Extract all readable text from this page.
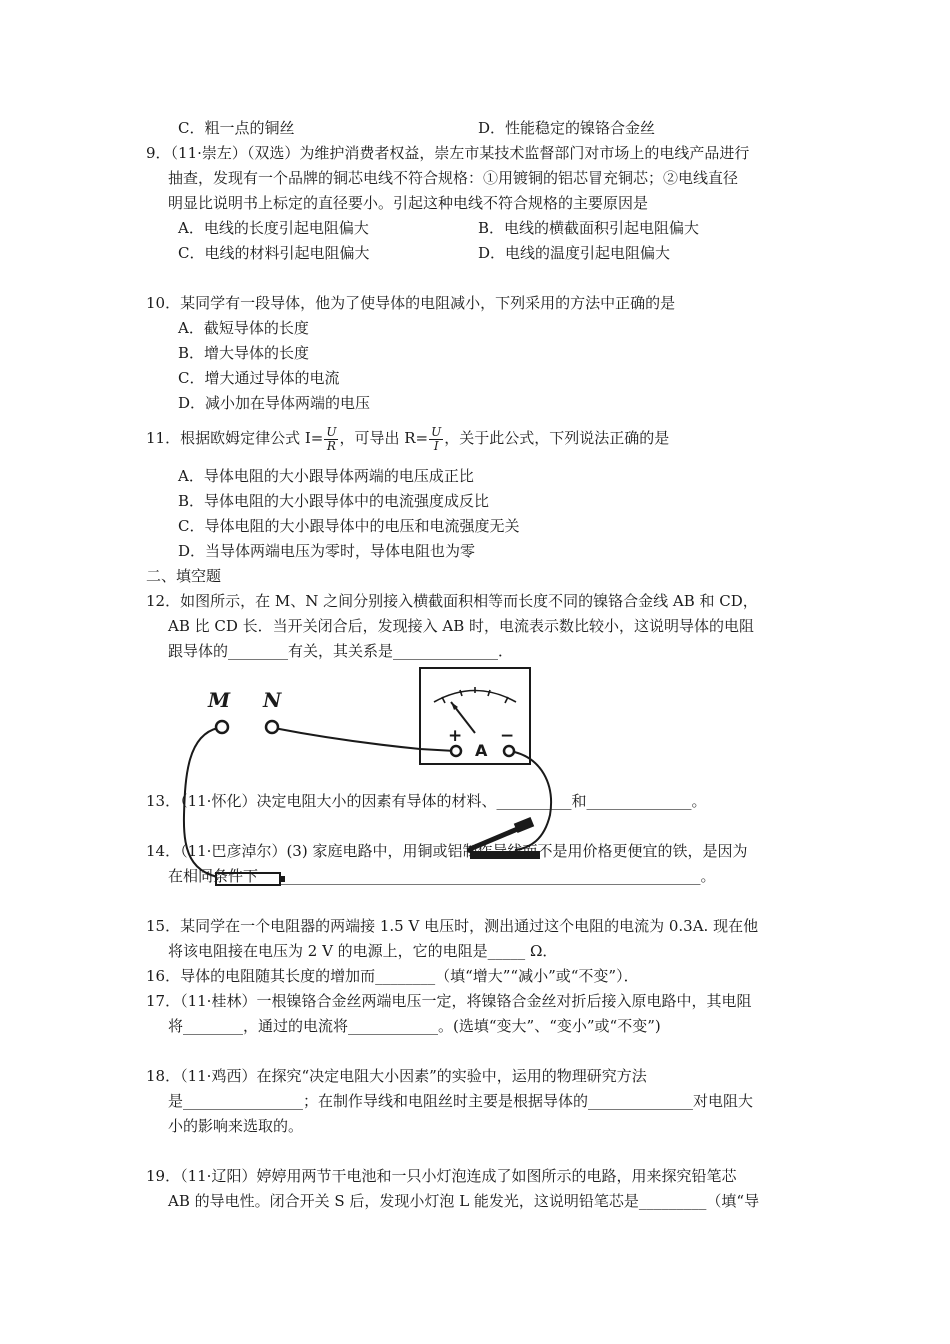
C．粗一点的铜丝	D．性能稳定的镍铬合金丝
9．（11·崇左）（双选）为维护消费者权益，崇左市某技术监督部门对市场上的电线产品进行
抽查，发现有一个品牌的铜芯电线不符合规格：①用镀铜的铝芯冒充铜芯；②电线直径
明显比说明书上标定的直径要小。引起这种电线不符合规格的主要原因是
A．电线的长度引起电阻偏大	B．电线的横截面积引起电阻偏大
C．电线的材料引起电阻偏大	D．电线的温度引起电阻偏大
10．某同学有一段导体，他为了使导体的电阻减小，下列采用的方法中正确的是
A．截短导体的长度
B．增大导体的长度
C．增大通过导体的电流
D．减小加在导体两端的电压
11．根据欧姆定律公式 $I= \frac{U}{R}$ ，可导出 $R= \frac{U}{I}$ ，关于此公式，下列说法正确的是
A．导体电阻的大小跟导体两端的电压成正比
B．导体电阻的大小跟导体中的电流强度成反比
C．导体电阻的大小跟导体中的电压和电流强度无关
D．当导体两端电压为零时，导体电阻也为零
二、填空题
12．如图所示，在 M、N 之间分别接入横截面积相等而长度不同的镍铬合金线 AB 和 CD，
AB 比 CD 长．当开关闭合后，发现接入 AB 时，电流表示数比较小，这说明导体的电阻
跟导体的________有关，其关系是______________．
M N
+
A
−
13．（11·怀化）决定电阻大小的因素有导体的材料、__________和______________。
14．（11·巴彦淖尔）(3) 家庭电路中，用铜或铝制作导线而不是用价格更便宜的铁，是因为
在相同条件下___________________________________________________________。
15．某同学在一个电阻器的两端接 1.5 V 电压时，测出通过这个电阻的电流为 0.3A. 现在他
将该电阻接在电压为 2 V 的电源上，它的电阻是_____ Ω．
16．导体的电阻随其长度的增加而________（填“增大”“减小”或“不变”）．
17．（11·桂林）一根镍铬合金丝两端电压一定，将镍铬合金丝对折后接入原电路中，其电阻
将________，通过的电流将____________。(选填“变大”、“变小”或“不变”)
18．（11·鸡西）在探究“决定电阻大小因素”的实验中，运用的物理研究方法
是________________；在制作导线和电阻丝时主要是根据导体的______________对电阻大
小的影响来选取的。
19．（11·辽阳）婷婷用两节干电池和一只小灯泡连成了如图所示的电路，用来探究铅笔芯
AB 的导电性。闭合开关 S 后，发现小灯泡 L 能发光，这说明铅笔芯是_________（填“导
